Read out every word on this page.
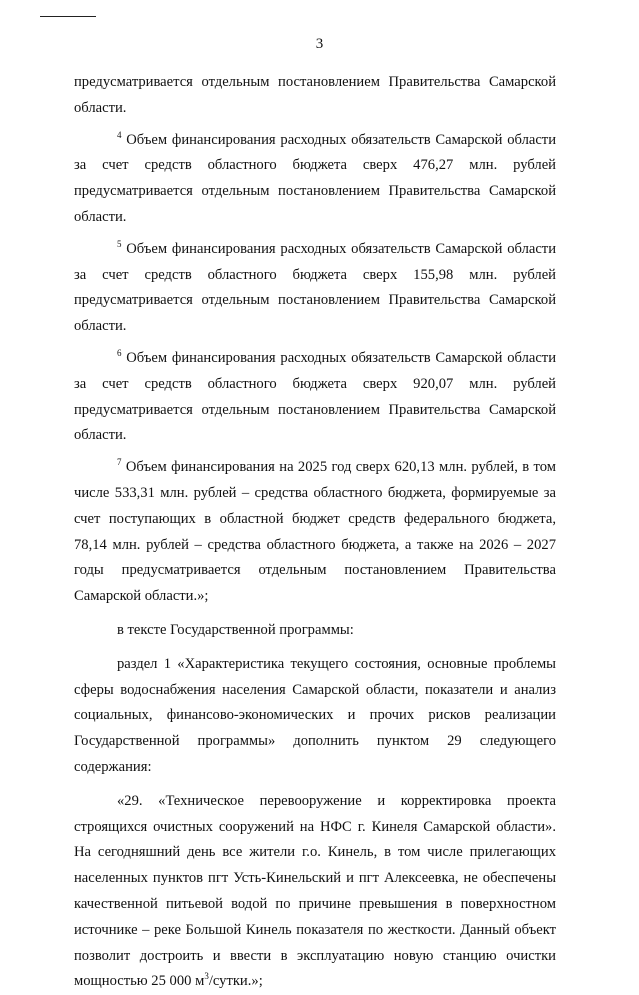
3

предусматривается отдельным постановлением Правительства Самарской области.

$^4$ Объем финансирования расходных обязательств Самарской области за счет средств областного бюджета сверх 476,27 млн. рублей предусматривается отдельным постановлением Правительства Самарской области.

$^5$ Объем финансирования расходных обязательств Самарской области за счет средств областного бюджета сверх 155,98 млн. рублей предусматривается отдельным постановлением Правительства Самарской области.

$^6$ Объем финансирования расходных обязательств Самарской области за счет средств областного бюджета сверх 920,07 млн. рублей предусматривается отдельным постановлением Правительства Самарской области.

$^7$ Объем финансирования на 2025 год сверх 620,13 млн. рублей, в том числе 533,31 млн. рублей – средства областного бюджета, формируемые за счет поступающих в областной бюджет средств федерального бюджета, 78,14 млн. рублей – средства областного бюджета, а также на 2026 – 2027 годы предусматривается отдельным постановлением Правительства Самарской области.»;

в тексте Государственной программы:

раздел 1 «Характеристика текущего состояния, основные проблемы сферы водоснабжения населения Самарской области, показатели и анализ социальных, финансово-экономических и прочих рисков реализации Государственной программы» дополнить пунктом 29 следующего содержания:

«29. «Техническое перевооружение и корректировка проекта строящихся очистных сооружений на НФС г. Кинеля Самарской области». На сегодняшний день все жители г.о. Кинель, в том числе прилегающих населенных пунктов пгт Усть-Кинельский и пгт Алексеевка, не обеспечены качественной питьевой водой по причине превышения в поверхностном источнике – реке Большой Кинель показателя по жесткости. Данный объект позволит достроить и ввести в эксплуатацию новую станцию очистки мощностью 25 000 $м^3$/сутки.»;
